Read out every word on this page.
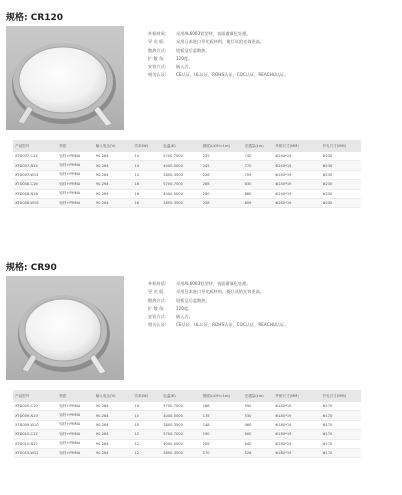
规格: CR120
外框材质: 采用AL6063铝型材，表面做氧化处理。
导 光 板:	采用日本进口导光板材料，使灯具的光效更高。
散热方式: 铝板及后盖散热。
扩 散 角:	120度。
安装方式: 嵌入式。
相关认证: CE认证、UL认证、ROHS认证、CQC认证、REACHU认证。
产品型号	材质	输入电压(V)	功率(W)	色温(K)	照度(LX/H=1m)	光通量(Lm)	外框尺寸(MM)	开孔尺寸(MM)
XTD007-C14	铝材+PMMA	90-264	14	5700-7000	235	740	Φ240*19	Φ230
XTD007-N14	铝材+PMMA	90-264	14	4000-5000	245	770	Φ240*19	Φ230
XTD007-W14	铝材+PMMA	90-264	14	2800-3500	226	709	Φ240*19	Φ230
XTD008-C16	铝材+PMMA	90-264	16	5700-7000	268	830	Φ240*19	Φ230
XTD008-N16	铝材+PMMA	90-264	16	4000-5000	280	880	Φ240*19	Φ230
XTD008-W16	铝材+PMMA	90-264	16	2800-3500	258	809	Φ240*19	Φ230
规格: CR90
外框材质: 采用AL6063铝型材，表面做氧化处理。
导 光 板:	采用日本进口导光板材料，使灯具的光效更高。
散热方式: 铝板及后盖散热。
扩 散 角:	120度。
安装方式: 嵌入式。
相关认证: CE认证、UL认证、ROHS认证、CQC认证、REACHU认证。
产品型号	材质	输入电压(V)	功率(W)	色温(K)	照度(LX/H=1m)	光通量(Lm)	外框尺寸(MM)	开孔尺寸(MM)
XTD009-C10	铝材+PMMA	90-264	10	5700-7000	168	590	Φ180*19	Φ170
XTD009-N10	铝材+PMMA	90-264	10	4000-5000	178	530	Φ180*19	Φ170
XTD009-W10	铝材+PMMA	90-264	10	2800-3500	148	460	Φ180*19	Φ170
XTD010-C12	铝材+PMMA	90-264	12	5700-7000	190	600	Φ180*19	Φ170
XTD010-N12	铝材+PMMA	90-264	12	4000-5000	208	640	Φ180*19	Φ170
XTD010-W12	铝材+PMMA	90-264	12	2800-3500	170	526	Φ180*19	Φ170
